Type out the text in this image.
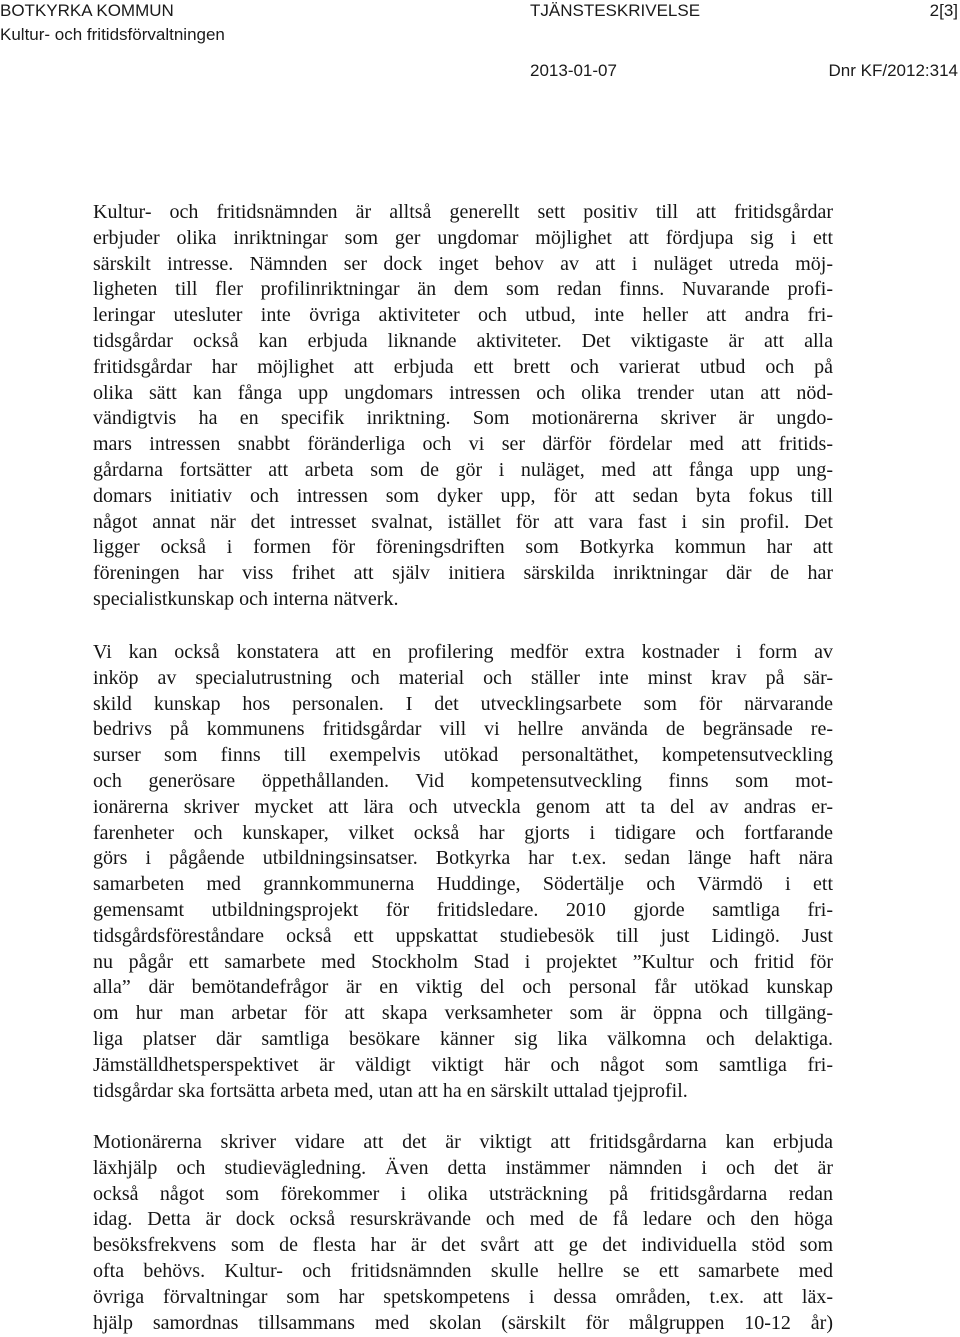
BOTKYRKA KOMMUN
Kultur- och fritidsförvaltningen
TJÄNSTESKRIVELSE	2[3]
2013-01-07	Dnr KF/2012:314
Kultur- och fritidsnämnden är alltså generellt sett positiv till att fritidsgårdar
erbjuder olika inriktningar som ger ungdomar möjlighet att fördjupa sig i ett
särskilt intresse. Nämnden ser dock inget behov av att i nuläget utreda möj-
ligheten till fler profilinriktningar än dem som redan finns. Nuvarande profi-
leringar utesluter inte övriga aktiviteter och utbud, inte heller att andra fri-
tidsgårdar också kan erbjuda liknande aktiviteter. Det viktigaste är att alla
fritidsgårdar har möjlighet att erbjuda ett brett och varierat utbud och på
olika sätt kan fånga upp ungdomars intressen och olika trender utan att nöd-
vändigtvis ha en specifik inriktning. Som motionärerna skriver är ungdo-
mars intressen snabbt föränderliga och vi ser därför fördelar med att fritids-
gårdarna fortsätter att arbeta som de gör i nuläget, med att fånga upp ung-
domars initiativ och intressen som dyker upp, för att sedan byta fokus till
något annat när det intresset svalnat, istället för att vara fast i sin profil. Det
ligger också i formen för föreningsdriften som Botkyrka kommun har att
föreningen har viss frihet att själv initiera särskilda inriktningar där de har
specialistkunskap och interna nätverk.
Vi kan också konstatera att en profilering medför extra kostnader i form av
inköp av specialutrustning och material och ställer inte minst krav på sär-
skild kunskap hos personalen. I det utvecklingsarbete som för närvarande
bedrivs på kommunens fritidsgårdar vill vi hellre använda de begränsade re-
surser som finns till exempelvis utökad personaltäthet, kompetensutveckling
och generösare öppethållanden. Vid kompetensutveckling finns som mot-
ionärerna skriver mycket att lära och utveckla genom att ta del av andras er-
farenheter och kunskaper, vilket också har gjorts i tidigare och fortfarande
görs i pågående utbildningsinsatser. Botkyrka har t.ex. sedan länge haft nära
samarbeten med grannkommunerna Huddinge, Södertälje och Värmdö i ett
gemensamt utbildningsprojekt för fritidsledare. 2010 gjorde samtliga fri-
tidsgårdsföreståndare också ett uppskattat studiebesök till just Lidingö. Just
nu pågår ett samarbete med Stockholm Stad i projektet ”Kultur och fritid för
alla” där bemötandefrågor är en viktig del och personal får utökad kunskap
om hur man arbetar för att skapa verksamheter som är öppna och tillgäng-
liga platser där samtliga besökare känner sig lika välkomna och delaktiga.
Jämställdhetsperspektivet är väldigt viktigt här och något som samtliga fri-
tidsgårdar ska fortsätta arbeta med, utan att ha en särskilt uttalad tjejprofil.
Motionärerna skriver vidare att det är viktigt att fritidsgårdarna kan erbjuda
läxhjälp och studievägledning. Även detta instämmer nämnden i och det är
också något som förekommer i olika utsträckning på fritidsgårdarna redan
idag. Detta är dock också resurskrävande och med de få ledare och den höga
besöksfrekvens som de flesta har är det svårt att ge det individuella stöd som
ofta behövs. Kultur- och fritidsnämnden skulle hellre se ett samarbete med
övriga förvaltningar som har spetskompetens i dessa områden, t.ex. att läx-
hjälp samordnas tillsammans med skolan (särskilt för målgruppen 10-12 år)
